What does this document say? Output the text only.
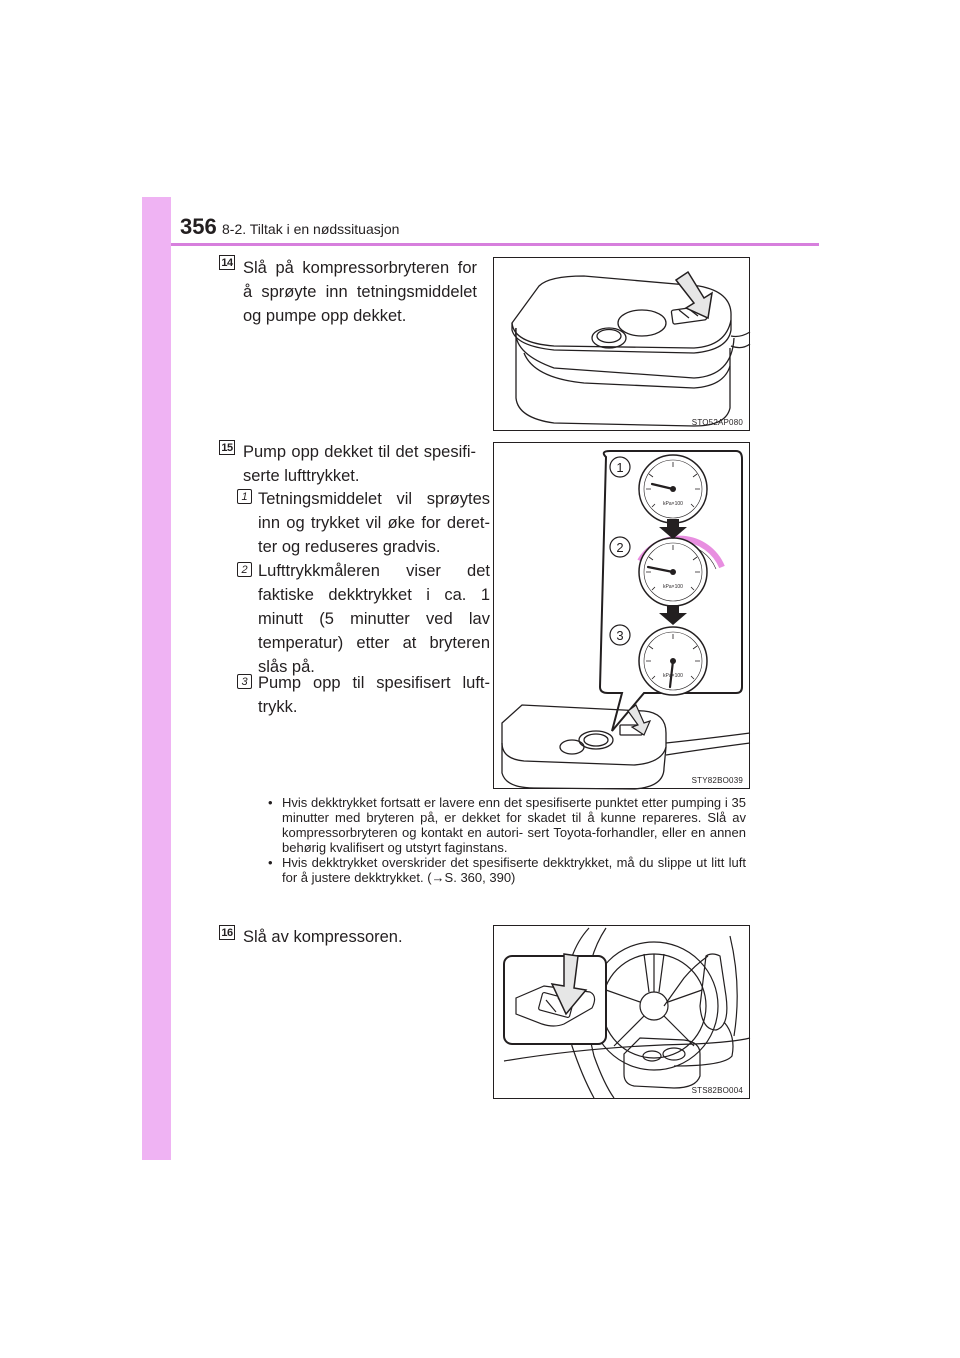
356 8-2. Tiltak i en nødssituasjon
14 Slå på kompressorbryteren for å sprøyte inn tetningsmiddelet og pumpe opp dekket.
STO52AP080
15 Pump opp dekket til det spesifi- serte lufttrykket.
1 Tetningsmiddelet vil sprøytes inn og trykket vil øke for deret- ter og reduseres gradvis.
2 Lufttrykkmåleren viser det faktiske dekktrykket i ca. 1 minutt (5 minutter ved lav temperatur) etter at bryteren slås på.
3 Pump opp til spesifisert luft- trykk.
1
2
3
kPa×100
kPa×100
kPa×100
STY82BO039
• Hvis dekktrykket fortsatt er lavere enn det spesifiserte punktet etter pumping i 35 minutter med bryteren på, er dekket for skadet til å kunne repareres. Slå av kompressorbryteren og kontakt en autori- sert Toyota-forhandler, eller en annen behørig kvalifisert og utstyrt faginstans.
• Hvis dekktrykket overskrider det spesifiserte dekktrykket, må du slippe ut litt luft for å justere dekktrykket. (→S. 360, 390)
16 Slå av kompressoren.
STS82BO004
